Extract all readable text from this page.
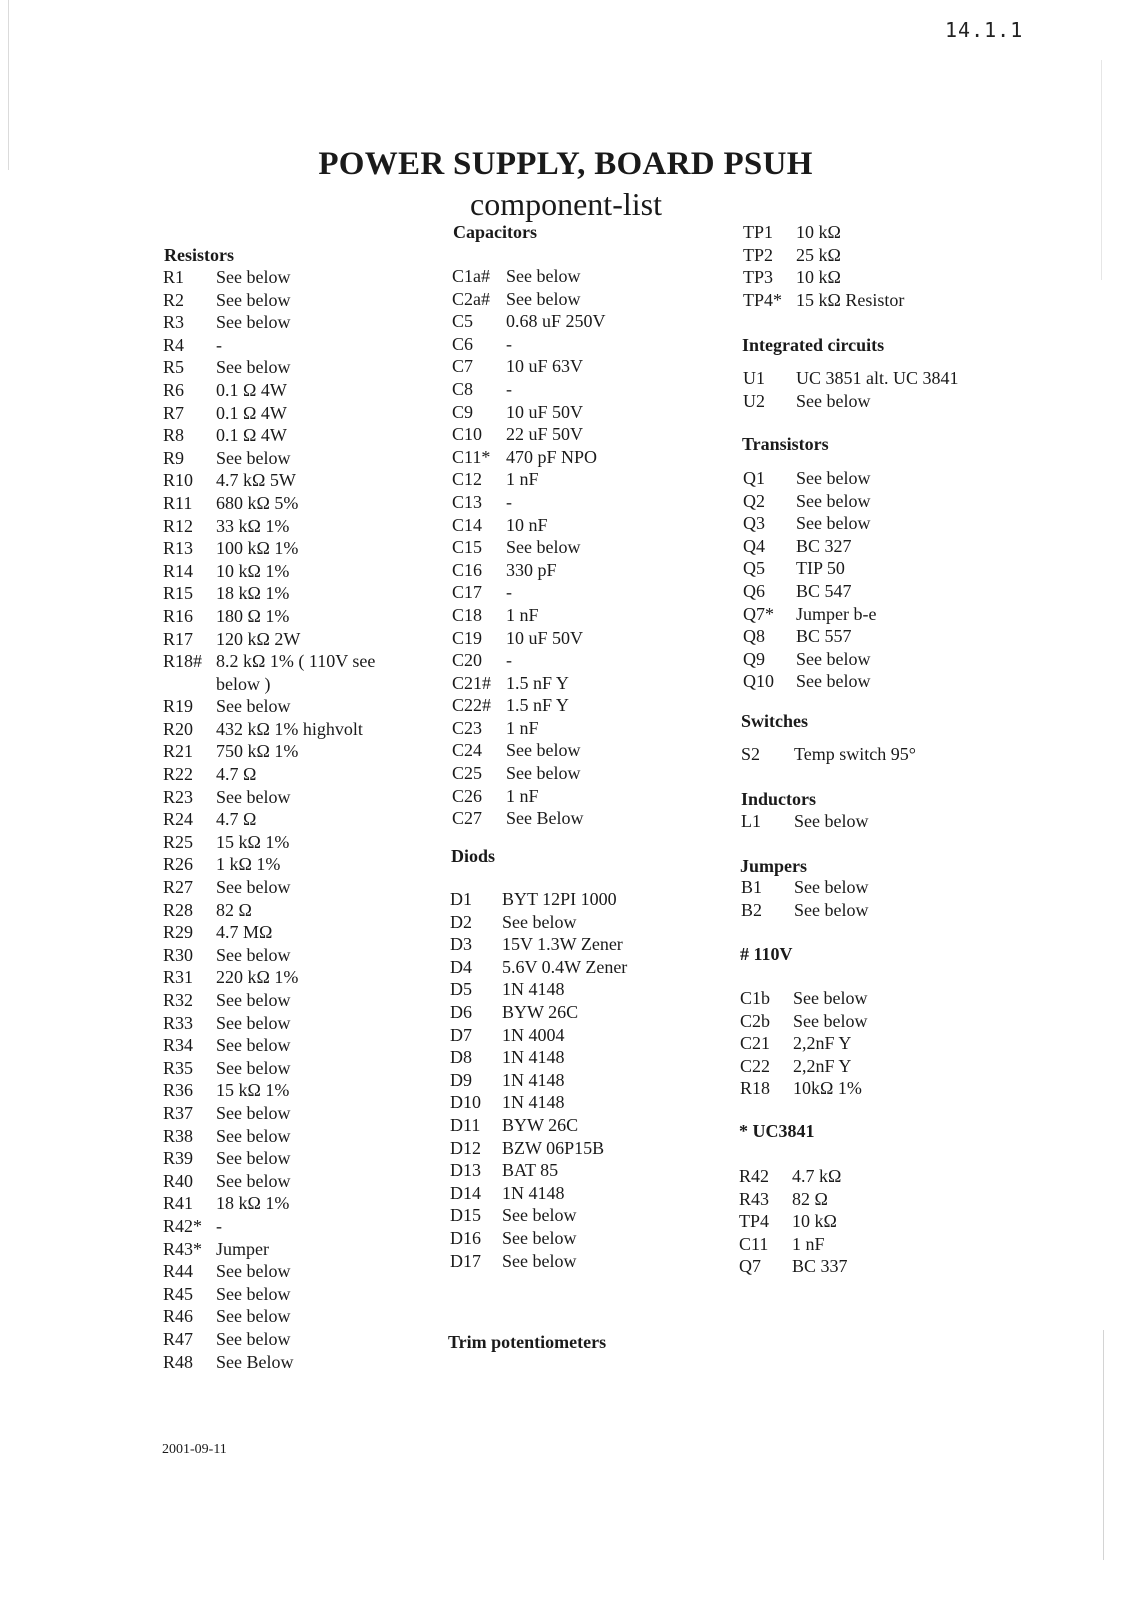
14.1.1
POWER SUPPLY, BOARD PSUH
component-list
Resistors
R1	See below
R2	See below
R3	See below
R4	-
R5	See below
R6	0.1 Ω 4W
R7	0.1 Ω 4W
R8	0.1 Ω 4W
R9	See below
R10	4.7 kΩ 5W
R11	680 kΩ 5%
R12	33 kΩ 1%
R13	100 kΩ 1%
R14	10 kΩ 1%
R15	18 kΩ 1%
R16	180 Ω 1%
R17	120 kΩ 2W
R18# 8.2 kΩ 1% ( 110V see
below )
R19	See below
R20	432 kΩ 1% highvolt
R21	750 kΩ 1%
R22	4.7 Ω
R23	See below
R24	4.7 Ω
R25	15 kΩ 1%
R26	1 kΩ 1%
R27	See below
R28	82 Ω
R29	4.7 MΩ
R30	See below
R31	220 kΩ 1%
R32	See below
R33	See below
R34	See below
R35	See below
R36	15 kΩ 1%
R37	See below
R38	See below
R39	See below
R40	See below
R41	18 kΩ 1%
R42* -
R43* Jumper
R44	See below
R45	See below
R46	See below
R47	See below
R48	See Below
Capacitors
C1a# See below
C2a# See below
C5	0.68 uF 250V
C6	-
C7	10 uF 63V
C8	-
C9	10 uF 50V
C10	22 uF 50V
C11* 470 pF NPO
C12	1 nF
C13	-
C14	10 nF
C15	See below
C16	330 pF
C17	-
C18	1 nF
C19	10 uF 50V
C20	-
C21# 1.5 nF Y
C22# 1.5 nF Y
C23	1 nF
C24	See below
C25	See below
C26	1 nF
C27	See Below
Diods
D1	BYT 12PI 1000
D2	See below
D3	15V 1.3W Zener
D4	5.6V 0.4W Zener
D5	1N 4148
D6	BYW 26C
D7	1N 4004
D8	1N 4148
D9	1N 4148
D10	1N 4148
D11	BYW 26C
D12	BZW 06P15B
D13	BAT 85
D14	1N 4148
D15	See below
D16	See below
D17	See below
Trim potentiometers
TP1	10 kΩ
TP2	25 kΩ
TP3	10 kΩ
TP4* 15 kΩ Resistor
Integrated circuits
U1	UC 3851 alt. UC 3841
U2	See below
Transistors
Q1	See below
Q2	See below
Q3	See below
Q4	BC 327
Q5	TIP 50
Q6	BC 547
Q7*	Jumper b-e
Q8	BC 557
Q9	See below
Q10	See below
Switches
S2	Temp switch 95°
Inductors
L1	See below
Jumpers
B1	See below
B2	See below
# 110V
C1b	See below
C2b	See below
C21	2,2nF Y
C22	2,2nF Y
R18	10kΩ 1%
* UC3841
R42	4.7 kΩ
R43	82 Ω
TP4	10 kΩ
C11	1 nF
Q7	BC 337
2001-09-11
